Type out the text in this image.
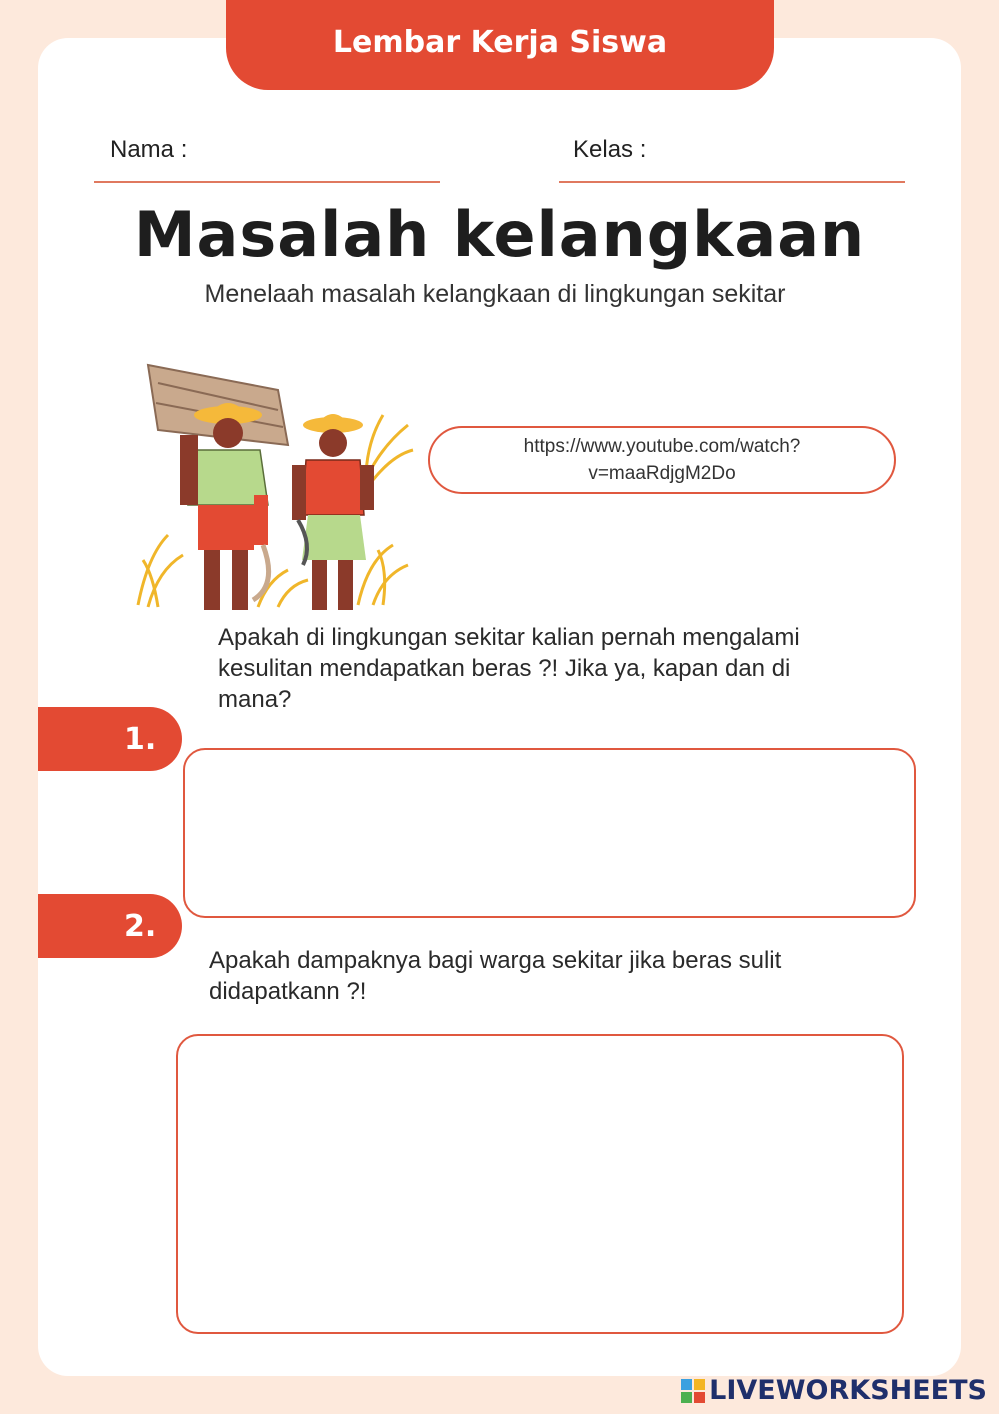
Lembar Kerja Siswa
Nama :	Kelas :
Masalah kelangkaan
Menelaah masalah kelangkaan di lingkungan sekitar
https://www.youtube.com/watch?
v=maaRdjgM2Do
Apakah di lingkungan sekitar kalian pernah mengalami
kesulitan mendapatkan beras ?! Jika ya, kapan dan di
mana?
1.
2.
Apakah dampaknya bagi warga sekitar jika beras sulit
didapatkann ?!
LIVEWORKSHEETS
